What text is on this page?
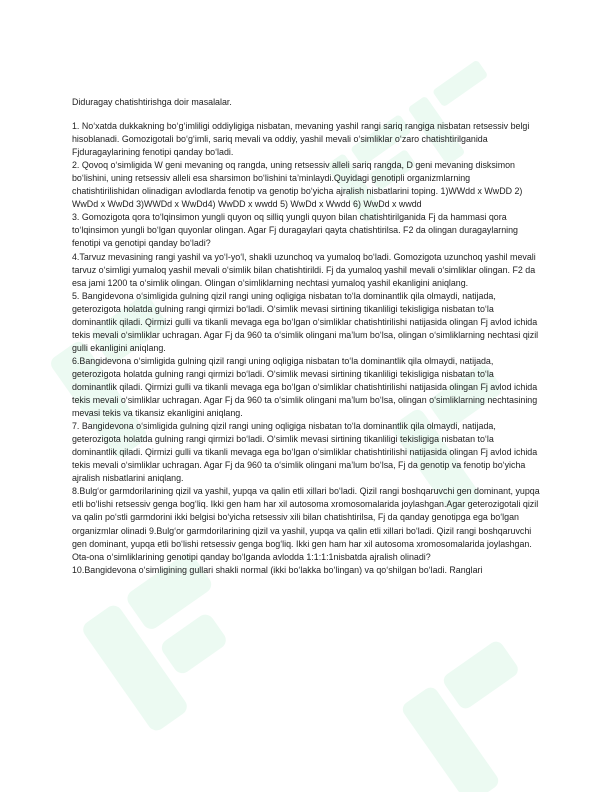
Diduragay chatishtirishga doir masalalar.

1. No‘xatda dukkakning bo‘g‘imliligi oddiyligiga nisbatan, mevaning yashil rangi sariq rangiga nisbatan retsessiv belgi hisoblanadi. Gomozigotali bo‘g‘imli, sariq mevali va oddiy, yashil mevali o‘simliklar o‘zaro chatishtirilganida Fjduragaylarining fenotipi qanday bo‘ladi.

2. Qovoq o‘simligida W geni mevaning oq rangda, uning retsessiv alleli sariq rangda, D geni mevaning disksimon bo‘lishini, uning retsessiv alleli esa sharsimon bo‘lishini ta’minlaydi.Quyidagi genotipli organizmlarning chatishtirilishidan olinadigan avlodlarda fenotip va genotip bo‘yicha ajralish nisbatlarini toping. 1)WWdd x WwDD 2) WwDd x WwDd 3)WWDd x WwDd4) WwDD x wwdd 5) WwDd x Wwdd 6) WwDd x wwdd

3. Gomozigota qora to‘lqinsimon yungli quyon oq silliq yungli quyon bilan chatishtirilganida Fj da hammasi qora to‘lqinsimon yungli bo‘lgan quyonlar olingan. Agar Fj duragaylari qayta chatishtirilsa. F2 da olingan duragaylarning fenotipi va genotipi qanday bo‘ladi?

4.Tarvuz mevasining rangi yashil va yo‘l-yo‘l, shakli uzunchoq va yumaloq bo‘ladi. Gomozigota uzunchoq yashil mevali tarvuz o‘simligi yumaloq yashil mevali o‘simlik bilan chatishtirildi. Fj da yumaloq yashil mevali o‘simliklar olingan. F2 da esa jami 1200 ta o‘simlik olingan. Olingan o‘simliklarning nechtasi yumaloq yashil ekanligini aniqlang.

5. Bangidevona o‘simligida gulning qizil rangi uning oqligiga nisbatan to‘la dominantlik qila olmaydi, natijada, geterozigota holatda gulning rangi qirmizi bo‘ladi. O‘simlik mevasi sirtining tikanliligi tekisligiga nisbatan to‘la dominantlik qiladi. Qirmizi gulli va tikanli mevaga ega bo‘lgan o‘simliklar chatishtirilishi natijasida olingan Fj avlod ichida tekis mevali o‘simliklar uchragan. Agar Fj da 960 ta o‘simlik olingani ma’lum bo‘lsa, olingan o‘simliklarning nechtasi qizil gulli ekanligini aniqlang.

6.Bangidevona o‘simligida gulning qizil rangi uning oqligiga nisbatan to‘la dominantlik qila olmaydi, natijada, geterozigota holatda gulning rangi qirmizi bo‘ladi. O‘simlik mevasi sirtining tikanliligi tekisligiga nisbatan to‘la dominantlik qiladi. Qirmizi gulli va tikanli mevaga ega bo‘lgan o‘simliklar chatishtirilishi natijasida olingan Fj avlod ichida tekis mevali o‘simliklar uchragan. Agar Fj da 960 ta o‘simlik olingani ma’lum bo‘lsa, olingan o‘simliklarning nechtasining mevasi tekis va tikansiz ekanligini aniqlang.

7. Bangidevona o‘simligida gulning qizil rangi uning oqligiga nisbatan to‘la dominantlik qila olmaydi, natijada, geterozigota holatda gulning rangi qirmizi bo‘ladi. O‘simlik mevasi sirtining tikanliligi tekisligiga nisbatan to‘la dominantlik qiladi. Qirmizi gulli va tikanli mevaga ega bo‘lgan o‘simliklar chatishtirilishi natijasida olingan Fj avlod ichida tekis mevali o‘simliklar uchragan. Agar Fj da 960 ta o‘simlik olingani ma’lum bo‘lsa, Fj da genotip va fenotip bo‘yicha ajralish nisbatlarini aniqlang.

8.Bulg‘or garmdorilarining qizil va yashil, yupqa va qalin etli xillari bo‘ladi. Qizil rangi boshqaruvchi gen dominant, yupqa etli bo‘lishi retsessiv genga bog‘liq. Ikki gen ham har xil autosoma xromosomalarida joylashgan.Agar geterozigotali qizil va qalin po‘stli garmdorini ikki belgisi bo‘yicha retsessiv xili bilan chatishtirilsa, Fj da qanday genotipga ega bo‘lgan organizmlar olinadi 9.Bulg‘or garmdorilarining qizil va yashil, yupqa va qalin etli xillari bo‘ladi. Qizil rangi boshqaruvchi gen dominant, yupqa etli bo‘lishi retsessiv genga bog‘liq. Ikki gen ham har xil autosoma xromosomalarida joylashgan. Ota-ona o‘simliklarining genotipi qanday bo‘lganda avlodda 1:1:1:1nisbatda ajralish olinadi?

10.Bangidevona o‘simligining gullari shakli normal (ikki bo‘lakka bo‘lingan) va qo‘shilgan bo‘ladi. Ranglari
